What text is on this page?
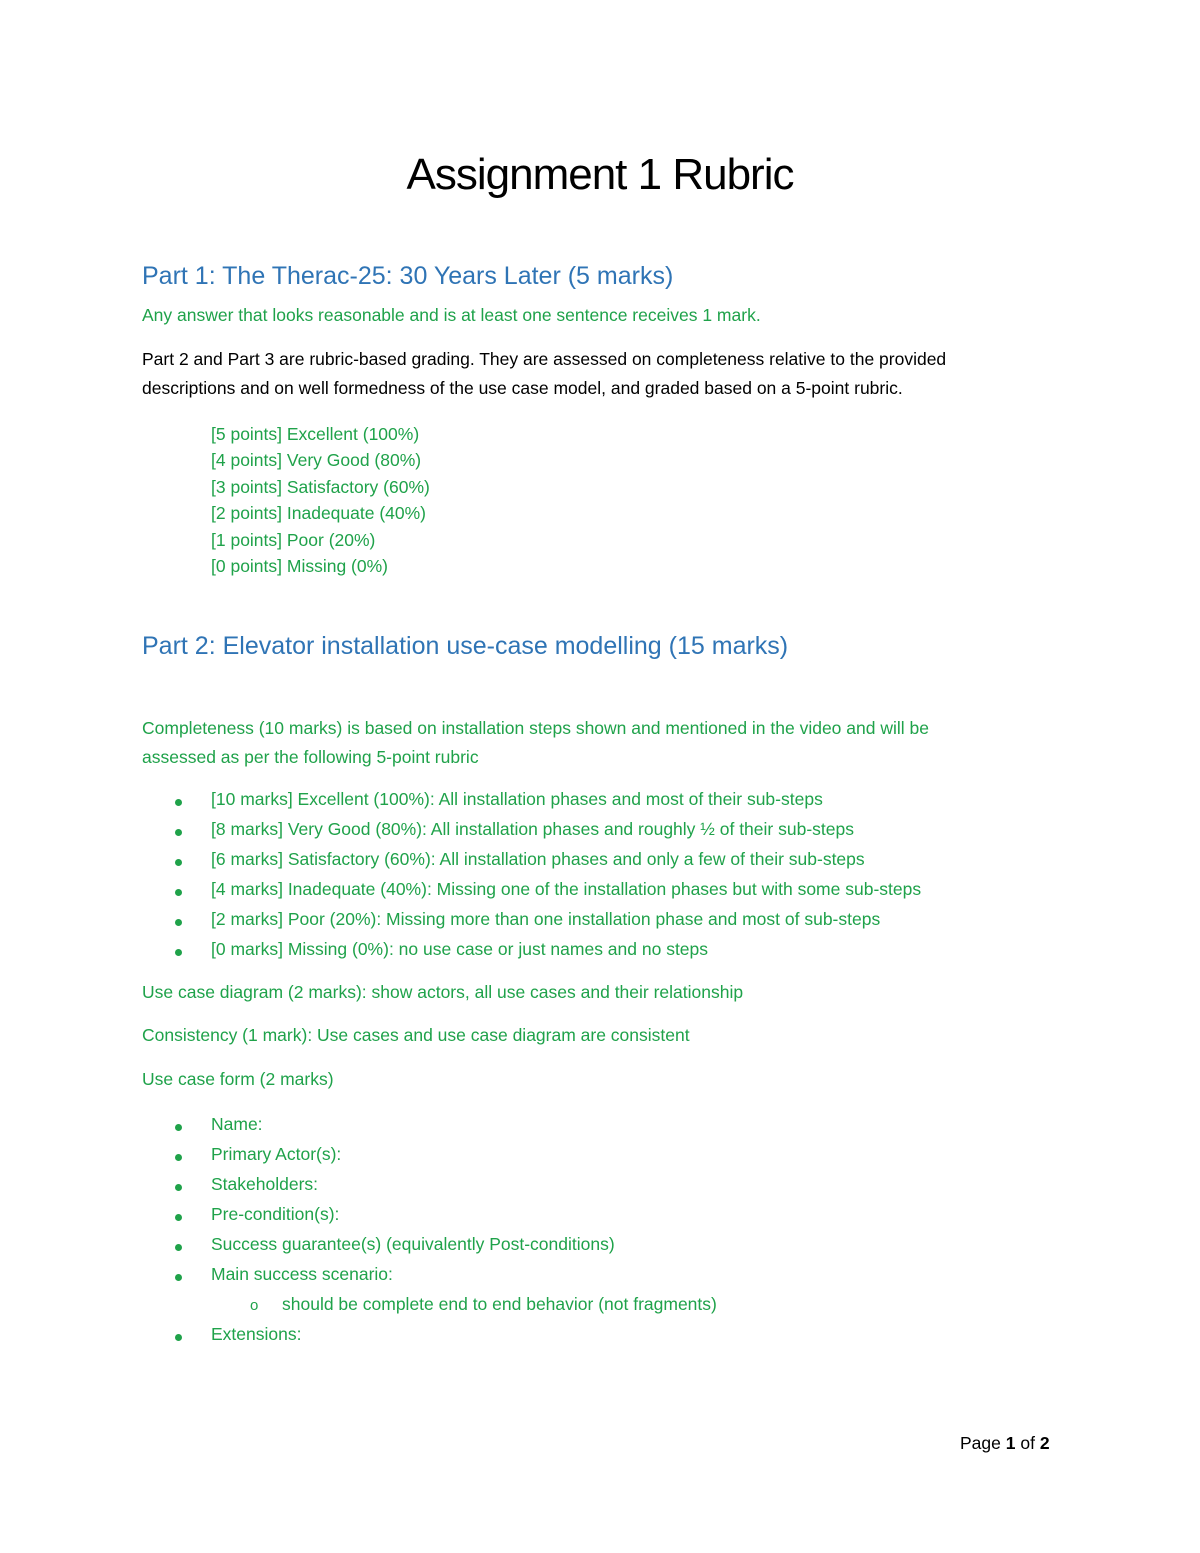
Assignment 1 Rubric
Part 1: The Therac-25: 30 Years Later (5 marks)
Any answer that looks reasonable and is at least one sentence receives 1 mark.
Part 2 and Part 3 are rubric-based grading. They are assessed on completeness relative to the provided
descriptions and on well formedness of the use case model, and graded based on a 5-point rubric.
[5 points] Excellent (100%)
[4 points] Very Good (80%)
[3 points] Satisfactory (60%)
[2 points] Inadequate (40%)
[1 points] Poor (20%)
[0 points] Missing (0%)
Part 2: Elevator installation use-case modelling (15 marks)
Completeness (10 marks) is based on installation steps shown and mentioned in the video and will be
assessed as per the following 5-point rubric
[10 marks] Excellent (100%): All installation phases and most of their sub-steps
[8 marks] Very Good (80%): All installation phases and roughly ½ of their sub-steps
[6 marks] Satisfactory (60%): All installation phases and only a few of their sub-steps
[4 marks] Inadequate (40%): Missing one of the installation phases but with some sub-steps
[2 marks] Poor (20%): Missing more than one installation phase and most of sub-steps
[0 marks] Missing (0%): no use case or just names and no steps
Use case diagram (2 marks): show actors, all use cases and their relationship
Consistency (1 mark): Use cases and use case diagram are consistent
Use case form (2 marks)
Name:
Primary Actor(s):
Stakeholders:
Pre-condition(s):
Success guarantee(s) (equivalently Post-conditions)
Main success scenario:
o should be complete end to end behavior (not fragments)
Extensions:
Page 1 of 2
